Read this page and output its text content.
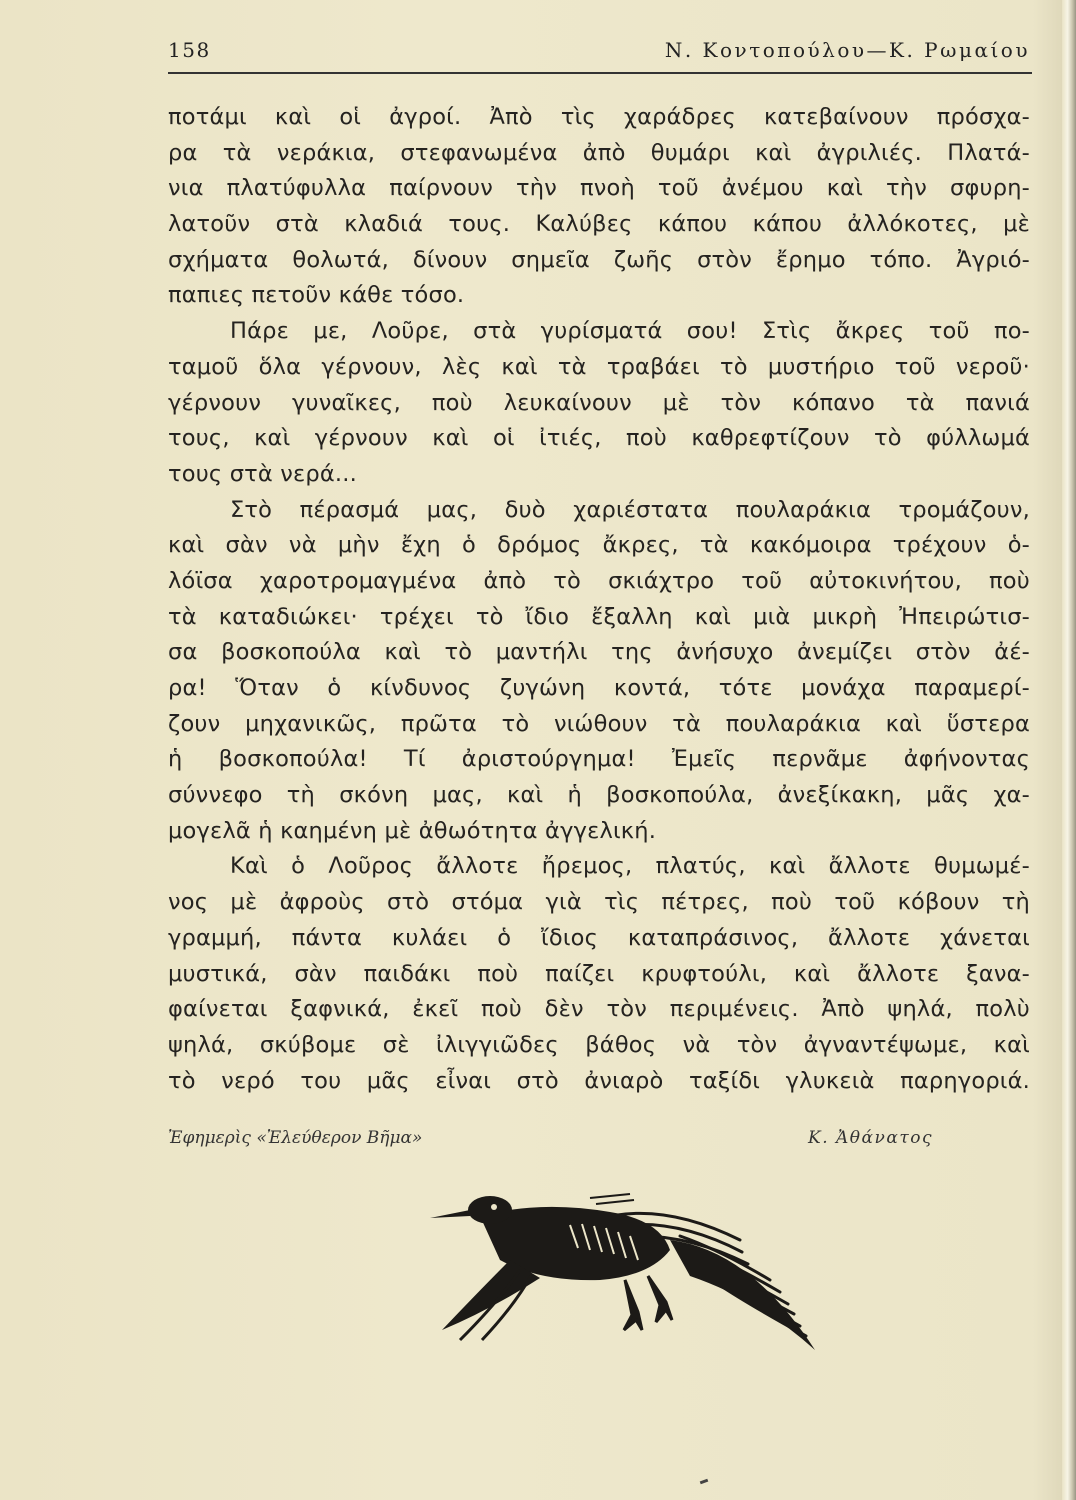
158	Ν. Κοντοπούλου—Κ. Ρωμαίου
ποτάμι καὶ οἱ ἀγροί. Ἀπὸ τὶς χαράδρες κατεβαίνουν πρόσχα-
ρα τὰ νεράκια, στεφανωμένα ἀπὸ θυμάρι καὶ ἀγριλιές. Πλατά-
νια πλατύφυλλα παίρνουν τὴν πνοὴ τοῦ ἀνέμου καὶ τὴν σφυρη-
λατοῦν στὰ κλαδιά τους. Καλύβες κάπου κάπου ἀλλόκοτες, μὲ
σχήματα θολωτά, δίνουν σημεῖα ζωῆς στὸν ἔρημο τόπο. Ἀγριό-
παπιες πετοῦν κάθε τόσο.
Πάρε με, Λοῦρε, στὰ γυρίσματά σου! Στὶς ἄκρες τοῦ πο-
ταμοῦ ὅλα γέρνουν, λὲς καὶ τὰ τραβάει τὸ μυστήριο τοῦ νεροῦ·
γέρνουν γυναῖκες, ποὺ λευκαίνουν μὲ τὸν κόπανο τὰ πανιά
τους, καὶ γέρνουν καὶ οἱ ἰτιές, ποὺ καθρεφτίζουν τὸ φύλλωμά
τους στὰ νερά...
Στὸ πέρασμά μας, δυὸ χαριέστατα πουλαράκια τρομάζουν,
καὶ σὰν νὰ μὴν ἔχη ὁ δρόμος ἄκρες, τὰ κακόμοιρα τρέχουν ὁ-
λόϊσα χαροτρομαγμένα ἀπὸ τὸ σκιάχτρο τοῦ αὐτοκινήτου, ποὺ
τὰ καταδιώκει· τρέχει τὸ ἴδιο ἔξαλλη καὶ μιὰ μικρὴ Ἠπειρώτισ-
σα βοσκοπούλα καὶ τὸ μαντήλι της ἀνήσυχο ἀνεμίζει στὸν ἀέ-
ρα! Ὅταν ὁ κίνδυνος ζυγώνη κοντά, τότε μονάχα παραμερί-
ζουν μηχανικῶς, πρῶτα τὸ νιώθουν τὰ πουλαράκια καὶ ὕστερα
ἡ βοσκοπούλα! Τί ἀριστούργημα! Ἐμεῖς περνᾶμε ἀφήνοντας
σύννεφο τὴ σκόνη μας, καὶ ἡ βοσκοπούλα, ἀνεξίκακη, μᾶς χα-
μογελᾶ ἡ καημένη μὲ ἀθωότητα ἀγγελική.
Καὶ ὁ Λοῦρος ἄλλοτε ἤρεμος, πλατύς, καὶ ἄλλοτε θυμωμέ-
νος μὲ ἀφροὺς στὸ στόμα γιὰ τὶς πέτρες, ποὺ τοῦ κόβουν τὴ
γραμμή, πάντα κυλάει ὁ ἴδιος καταπράσινος, ἄλλοτε χάνεται
μυστικά, σὰν παιδάκι ποὺ παίζει κρυφτούλι, καὶ ἄλλοτε ξανα-
φαίνεται ξαφνικά, ἐκεῖ ποὺ δὲν τὸν περιμένεις. Ἀπὸ ψηλά, πολὺ
ψηλά, σκύβομε σὲ ἰλιγγιῶδες βάθος νὰ τὸν ἀγναντέψωμε, καὶ
τὸ νερό του μᾶς εἶναι στὸ ἀνιαρὸ ταξίδι γλυκειὰ παρηγοριά.
Ἐφημερὶς «Ἐλεύθερον Βῆμα»	Κ. Ἀθάνατος
